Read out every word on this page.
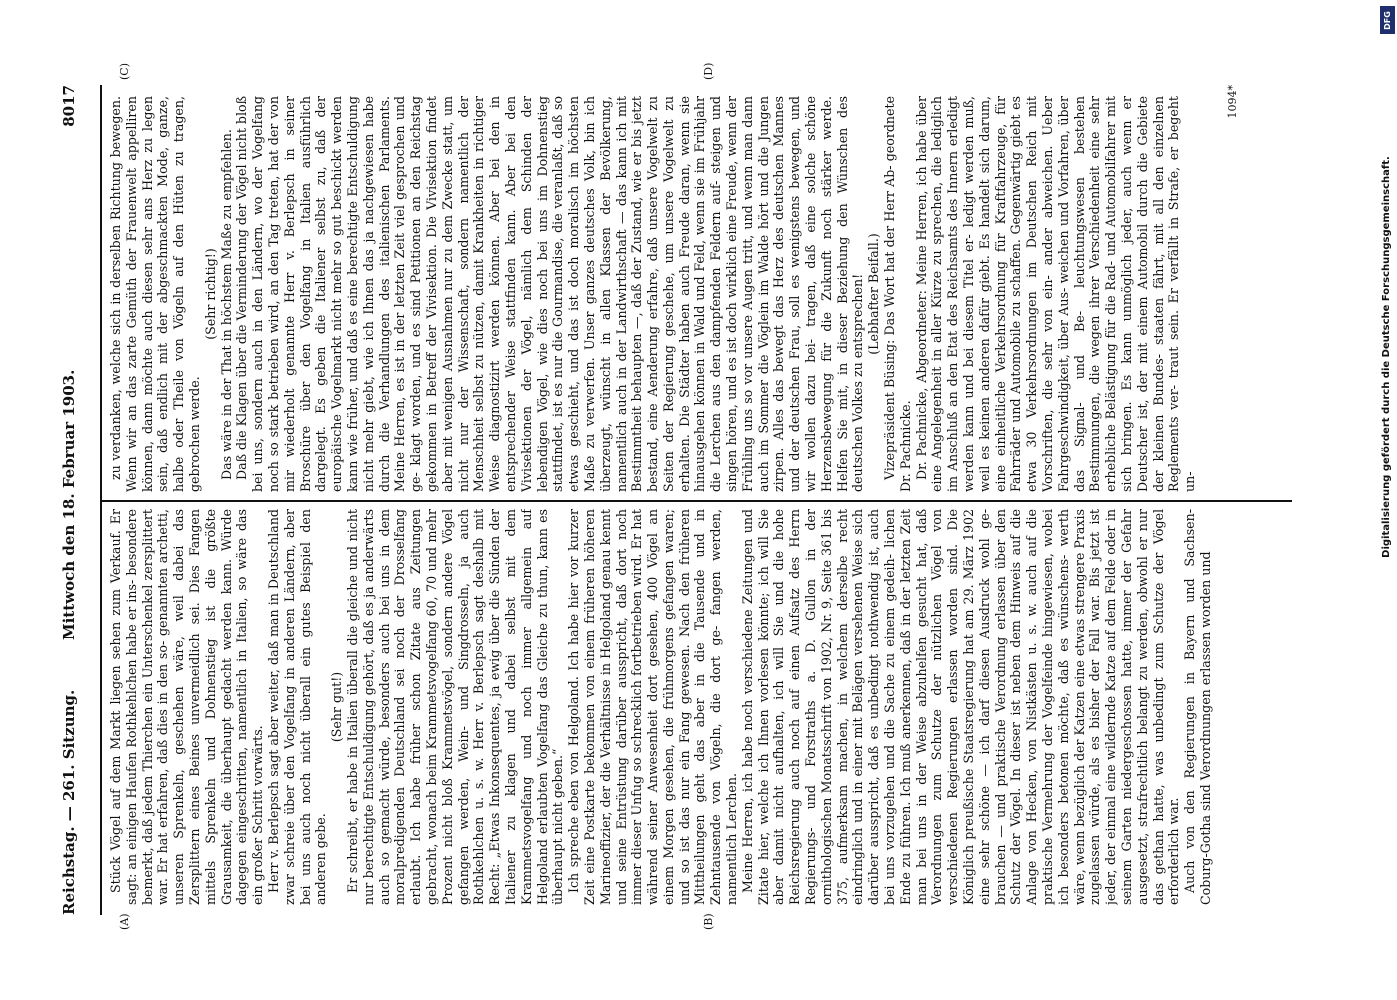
Reichstag. — 261. Sitzung.
Mittwoch den 18. Februar 1903.
8017
(A)	(B)
(C)	(D)

Stück Vögel auf dem Markt liegen sehen zum Verkauf. Er sagt: an einigen Haufen Rothkehlchen habe er ins- besondere bemerkt, daß jedem Thierchen ein Unterschenkel zersplittert war. Er hat erfahren, daß dies in den so- genannten archetti, unseren Sprenkeln, geschehen wäre, weil dabei das Zersplittern eines Beines unvermeidlich sei. Dies Fangen mittels Sprenkeln und Dohnenstieg ist die größte Grausamkeit, die überhaupt gedacht werden kann. Würde dagegen eingeschritten, namentlich in Italien, so wäre das ein großer Schritt vorwärts. Herr v. Berlepsch sagt aber weiter, daß man in Deutschland zwar schreie über den Vogelfang in anderen Ländern, aber bei uns auch noch nicht überall ein gutes Beispiel den anderen gebe.

(Sehr gut!) Er schreibt, er habe in Italien überall die gleiche und nicht nur berechtigte Entschuldigung gehört, daß es ja anderwärts auch so gemacht würde, besonders auch bei uns in dem moralpredigenden Deutschland sei noch der Drosselfang erlaubt. Ich habe früher schon Zitate aus Zeitungen gebracht, wonach beim Krammetsvogelfang 60, 70 und mehr Prozent nicht bloß Krammetsvögel, sondern andere Vögel gefangen werden, Wein- und Singdrosseln, ja auch Rothkehlchen u. s. w. Herr v. Berlepsch sagt deshalb mit Recht: „Etwas Inkonsequentes, ja ewig über die Sünden der Italiener zu klagen und dabei selbst mit dem Krammetsvogelfang und noch immer allgemein auf Helgoland erlaubten Vogelfang das Gleiche zu thun, kann es überhaupt nicht geben.“ Ich spreche eben von Helgoland. Ich habe hier vor kurzer Zeit eine Postkarte bekommen von einem früheren höheren Marineoffizier, der die Verhältnisse in Helgoland genau kennt und seine Entrüstung darüber ausspricht, daß dort noch immer dieser Unfug so schrecklich fortbetrieben wird. Er hat während seiner Anwesenheit dort gesehen, 400 Vögel an einem Morgen gesehen, die frühmorgens gefangen waren; und so ist das nur ein Fang gewesen. Nach den früheren Mittheilungen geht das aber in die Tausende und in Zehntausende von Vögeln, die dort ge- fangen werden, namentlich Lerchen. Meine Herren, ich habe noch verschiedene Zeitungen und Zitate hier, welche ich Ihnen vorlesen könnte; ich will Sie aber damit nicht aufhalten, ich will Sie und die hohe Reichsregierung auch noch auf einen Aufsatz des Herrn Regierungs- und Forstraths a. D. Gullon in der ornithologischen Monatsschrift von 1902, Nr. 9, Seite 361 bis 375, aufmerksam machen, in welchem derselbe recht eindringlich und in einer mit Belägen versehenen Weise sich darüber ausspricht, daß es unbedingt nothwendig ist, auch bei uns vorzugehen und die Sache zu einem gedeih- lichen Ende zu führen. Ich muß anerkennen, daß in der letzten Zeit man bei uns in der Weise abzuhelfen gesucht hat, daß Verordnungen zum Schutze der nützlichen Vögel von verschiedenen Regierungen erlassen worden sind. Die Königlich preußische Staatsregierung hat am 29. März 1902 eine sehr schöne — ich darf diesen Ausdruck wohl ge- brauchen — und praktische Verordnung erlassen über den Schutz der Vögel. In dieser ist neben dem Hinweis auf die Anlage von Hecken, von Nistkästen u. s. w. auch auf die praktische Vermehrung der Vogelfeinde hingewiesen, wobei ich besonders betonen möchte, daß es wünschens- werth wäre, wenn bezüglich der Katzen eine etwas strengere Praxis zugelassen würde, als es bisher der Fall war. Bis jetzt ist jeder, der einmal eine wildernde Katze auf dem Felde oder in seinem Garten niedergeschossen hatte, immer der Gefahr ausgesetzt, strafrechtlich belangt zu werden, obwohl er nur das gethan hatte, was unbedingt zum Schutze der Vögel erforderlich war. Auch von den Regierungen in Bayern und Sachsen- Coburg-Gotha sind Verordnungen erlassen worden und

zu verdanken, welche sich in derselben Richtung bewegen. Wenn wir an das zarte Gemüth der Frauenwelt appelliren können, dann möchte auch diesen sehr ans Herz zu legen sein, daß endlich mit der abgeschmackten Mode, ganze, halbe oder Theile von Vögeln auf den Hüten zu tragen, gebrochen werde.

(Sehr richtig!) Das wäre in der That in höchstem Maße zu empfehlen. Daß die Klagen über die Verminderung der Vögel nicht bloß bei uns, sondern auch in den Ländern, wo der Vogelfang noch so stark betrieben wird, an den Tag treten, hat der von mir wiederholt genannte Herr v. Berlepsch in seiner Broschüre über den Vogelfang in Italien ausführlich dargelegt. Es geben die Italiener selbst zu, daß der europäische Vogelmarkt nicht mehr so gut beschickt werden kann wie früher, und daß es eine berechtigte Entschuldigung nicht mehr giebt, wie ich Ihnen das ja nachgewiesen habe durch die Verhandlungen des italienischen Parlaments. Meine Herren, es ist in der letzten Zeit viel gesprochen und ge- klagt worden, und es sind Petitionen an den Reichstag gekommen in Betreff der Vivisektion. Die Vivisektion findet aber mit wenigen Ausnahmen nur zu dem Zwecke statt, um nicht nur der Wissenschaft, sondern namentlich der Menschheit selbst zu nützen, damit Krankheiten in richtiger Weise diagnostizirt werden können. Aber bei den in entsprechender Weise stattfinden kann. Aber bei den Vivisektionen der Vögel, nämlich dem Schinden der lebendigen Vögel, wie dies noch bei uns im Dohnenstieg stattfindet, ist es nur die Gourmandise, die veranlaßt, daß so etwas geschieht, und das ist doch moralisch im höchsten Maße zu verwerfen. Unser ganzes deutsches Volk, bin ich überzeugt, wünscht in allen Klassen der Bevölkerung, namentlich auch in der Landwirthschaft — das kann ich mit Bestimmtheit behaupten —, daß der Zustand, wie er bis jetzt bestand, eine Aenderung erfahre, daß unsere Vogelwelt zu Seiten der Regierung geschehe, um unsere Vogelwelt zu erhalten. Die Städter haben auch Freude daran, wenn sie hinausgehen können in Wald und Feld, wenn sie im Frühjahr die Lerchen aus den dampfenden Feldern auf- steigen und singen hören, und es ist doch wirklich eine Freude, wenn der Frühling uns so vor unsere Augen tritt, und wenn man dann auch im Sommer die Vöglein im Walde hört und die Jungen zirpen. Alles das bewegt das Herz des deutschen Mannes und der deutschen Frau, soll es wenigstens bewegen, und wir wollen dazu bei- tragen, daß eine solche schöne Herzensbewegung für die Zukunft noch stärker werde. Helfen Sie mit, in dieser Beziehung den Wünschen des deutschen Volkes zu entsprechen! (Lebhafter Beifall.) Vizepräsident Büsing: Das Wort hat der Herr Ab- geordnete Dr. Pachnicke. Dr. Pachnicke, Abgeordneter: Meine Herren, ich habe über eine Angelegenheit in aller Kürze zu sprechen, die lediglich im Anschluß an den Etat des Reichsamts des Innern erledigt werden kann und bei diesem Titel er- ledigt werden muß, weil es keinen anderen dafür giebt. Es handelt sich darum, eine einheitliche Verkehrsordnung für Kraftfahrzeuge, für Fahrräder und Automobile zu schaffen. Gegenwärtig giebt es etwa 30 Verkehrsordnungen im Deutschen Reich mit Vorschriften, die sehr von ein- ander abweichen. Ueber Fahrgeschwindigkeit, über Aus- weichen und Vorfahren, über das Signal- und Be- leuchtungswesen bestehen Bestimmungen, die wegen ihrer Verschiedenheit eine sehr erhebliche Belästigung für die Rad- und Automobilfahrer mit sich bringen. Es kann unmöglich jeder, auch wenn er Deutscher ist, der mit einem Automobil durch die Gebiete der kleinen Bundes- staaten fährt, mit all den einzelnen Reglements ver- traut sein. Er verfällt in Strafe, er begeht un-

1094*
DFG
Digitalisierung gefördert durch die Deutsche Forschungsgemeinschaft.
